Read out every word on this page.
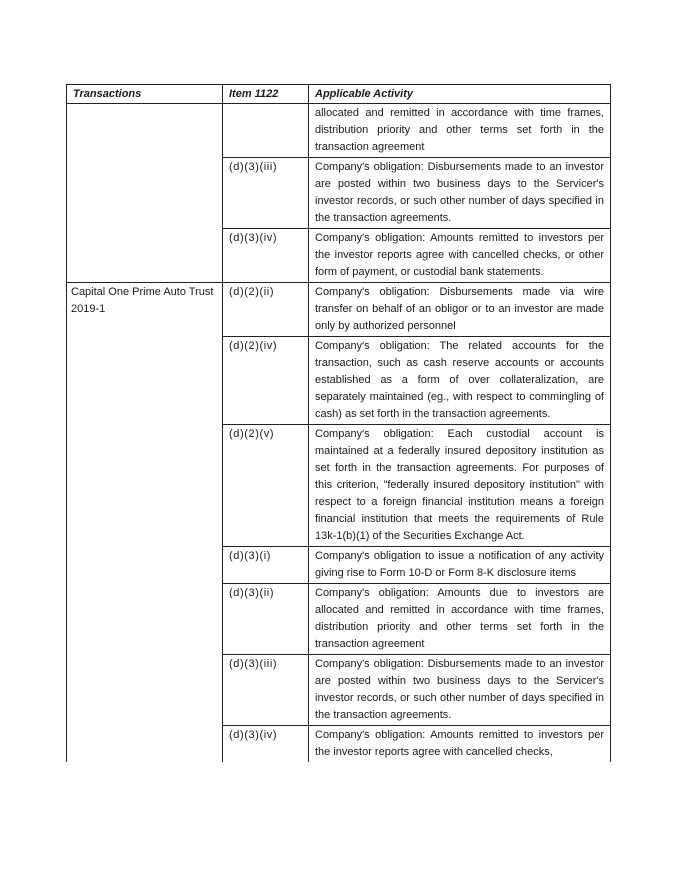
Transactions	Item 1122	Applicable Activity
		allocated and remitted in accordance with time frames, distribution priority and other terms set forth in the transaction agreement
	(d)(3)(iii)	Company's obligation: Disbursements made to an investor are posted within two business days to the Servicer's investor records, or such other number of days specified in the transaction agreements.
	(d)(3)(iv)	Company's obligation: Amounts remitted to investors per the investor reports agree with cancelled checks, or other form of payment, or custodial bank statements.
Capital One Prime Auto Trust 2019-1	(d)(2)(ii)	Company's obligation: Disbursements made via wire transfer on behalf of an obligor or to an investor are made only by authorized personnel
	(d)(2)(iv)	Company's obligation: The related accounts for the transaction, such as cash reserve accounts or accounts established as a form of over collateralization, are separately maintained (eg., with respect to commingling of cash) as set forth in the transaction agreements.
	(d)(2)(v)	Company's obligation: Each custodial account is maintained at a federally insured depository institution as set forth in the transaction agreements. For purposes of this criterion, "federally insured depository institution" with respect to a foreign financial institution means a foreign financial institution that meets the requirements of Rule 13k-1(b)(1) of the Securities Exchange Act.
	(d)(3)(i)	Company's obligation to issue a notification of any activity giving rise to Form 10-D or Form 8-K disclosure items
	(d)(3)(ii)	Company's obligation: Amounts due to investors are allocated and remitted in accordance with time frames, distribution priority and other terms set forth in the transaction agreement
	(d)(3)(iii)	Company's obligation: Disbursements made to an investor are posted within two business days to the Servicer's investor records, or such other number of days specified in the transaction agreements.
	(d)(3)(iv)	Company's obligation: Amounts remitted to investors per the investor reports agree with cancelled checks,
